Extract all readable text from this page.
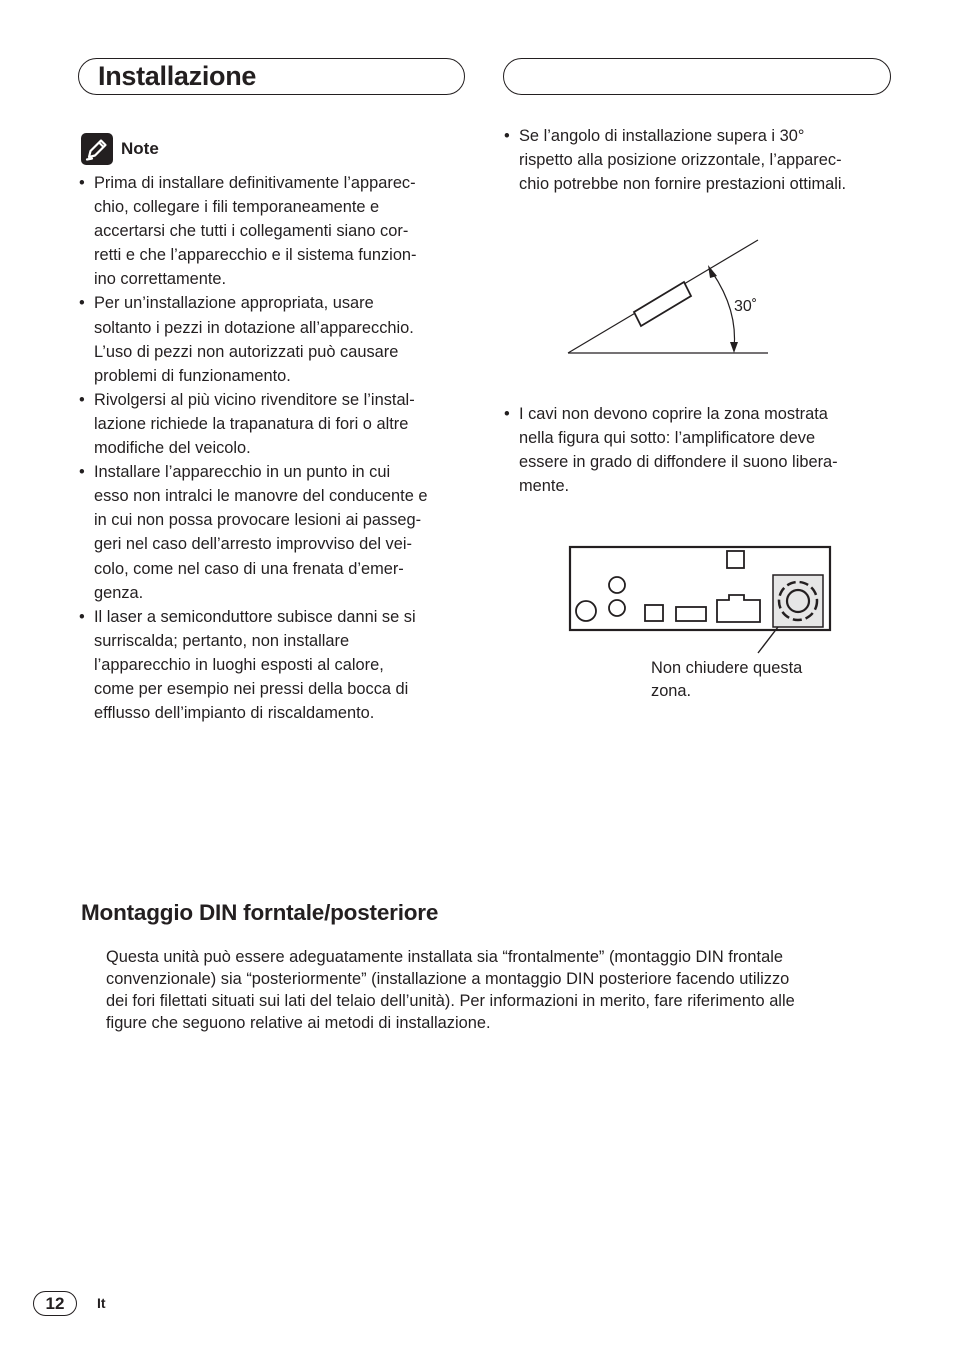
Installazione
Note
• Prima di installare definitivamente l’apparec-
chio, collegare i fili temporaneamente e
accertarsi che tutti i collegamenti siano cor-
retti e che l’apparecchio e il sistema funzion-
ino correttamente.
• Per un’installazione appropriata, usare
soltanto i pezzi in dotazione all’apparecchio.
L’uso di pezzi non autorizzati può causare
problemi di funzionamento.
• Rivolgersi al più vicino rivenditore se l’instal-
lazione richiede la trapanatura di fori o altre
modifiche del veicolo.
• Installare l’apparecchio in un punto in cui
esso non intralci le manovre del conducente e
in cui non possa provocare lesioni ai passeg-
geri nel caso dell’arresto improvviso del vei-
colo, come nel caso di una frenata d’emer-
genza.
• Il laser a semiconduttore subisce danni se si
surriscalda; pertanto, non installare
l’apparecchio in luoghi esposti al calore,
come per esempio nei pressi della bocca di
efflusso dell’impianto di riscaldamento.
• Se l’angolo di installazione supera i 30°
rispetto alla posizione orizzontale, l’apparec-
chio potrebbe non fornire prestazioni ottimali.
30˚
• I cavi non devono coprire la zona mostrata
nella figura qui sotto: l’amplificatore deve
essere in grado di diffondere il suono libera-
mente.
Non chiudere questa
zona.
Montaggio DIN forntale/posteriore
Questa unità può essere adeguatamente installata sia “frontalmente” (montaggio DIN frontale
convenzionale) sia “posteriormente” (installazione a montaggio DIN posteriore facendo utilizzo
dei fori filettati situati sui lati del telaio dell’unità). Per informazioni in merito, fare riferimento alle
figure che seguono relative ai metodi di installazione.
12	It
